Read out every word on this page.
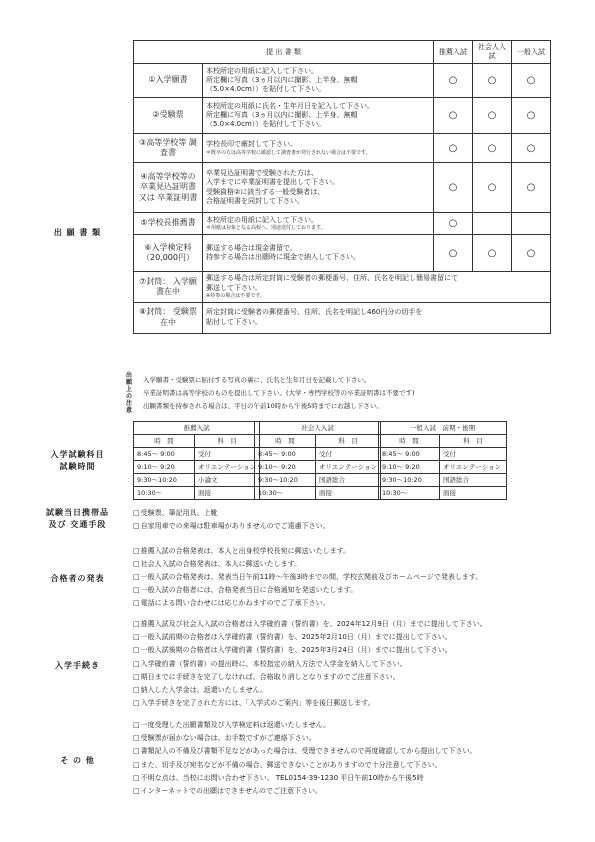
出 願 書 類
入学試験科目
試験時間
試験当日携帯品
及び 交通手段
合格者の発表
入学手続き
そ の 他
提 出 書 類		推薦入試	社会人入試	一般入試
①入学願書	本校所定の用紙に記入して下さい。
所定欄に写真（3ヵ月以内に撮影、上半身、無帽
（5.0×4.0cm））を貼付して下さい。	○	○	○
②受験票	本校所定の用紙に氏名・生年月日を記入して下さい。
所定欄に写真（3ヵ月以内に撮影、上半身、無帽
（5.0×4.0cm））を貼付して下さい。	○	○	○
③高等学校等 調査書	学校長印で厳封して下さい。
＊既卒の方は高等学校に確認して調査書が発行されない場合は不要です。	○	○	○
④高等学校等の 卒業見込証明書 又は 卒業証明書	卒業見込証明書で受験された方は、
入学までに卒業証明書を提出して下さい。
受験資格②に該当する一般受験者は、
合格証明書を同封して下さい。	○	○	○
⑤学校長推薦書	本校所定の用紙に記入して下さい。
＊用紙は対象となる高校へ、別途送付しております。	○		
⑥入学検定料 （20,000円）	郵送する場合は現金書留で、
持参する場合は出願時に現金で納入して下さい。	○	○	○
⑦封筒： 入学願書在中	郵送する場合は所定封筒に受験者の郵便番号、住所、氏名を明記し簡易書留にて
郵送して下さい。
※持参の場合は不要です。			

⑧封筒： 受験票在中	所定封筒に受験者の郵便番号、住所、氏名を明記し460円分の切手を
貼付して下さい。			
出願上の注意
入学願書・受験票に貼付する写真の裏に、氏名と生年月日を記載して下さい。
卒業証明書は高等学校のものを提出して下さい。(大学・専門学校等の卒業証明書は不要です)
出願書類を持参される場合は、平日の午前10時から午後5時までにお越し下さい。
推薦入試	
時　間	科　目
8:45～ 9:00	受付
9:10～ 9:20	オリエンテーション
9:30～10:20	小論文
10:30～	面接
社会人入試	
時　間	科　目
8:45～ 9:00	受付
9:10～ 9:20	オリエンテーション
9:30～10:20	国語総合
10:30～	面接
一般入試　前期・後期	
時　間	科　目
8:45～ 9:00	受付
9:10～ 9:20	オリエンテーション
9:30～10:20	国語総合
10:30～	面接
□ 受験票、筆記用具、上靴
□ 自家用車での来場は駐車場がありませんのでご遠慮下さい。
□ 推薦入試の合格発表は、本人と出身校学校長宛に郵送いたします。
□ 社会人入試の合格発表は、本人に郵送いたします。
□ 一般入試の合格発表は、発表当日午前11時～午後3時までの間、学校玄関前及びホームページで発表します。
□ 一般入試の合格者には、合格発表当日に合格通知を発送いたします。
□ 電話による問い合わせには応じかねますのでご了承下さい。
□ 推薦入試及び社会人入試の合格者は入学確約書（誓約書）を、2024年12月9日（月）までに提出して下さい。
□ 一般入試前期の合格者は入学確約書（誓約書）を、2025年2月10日（月）までに提出して下さい。
□ 一般入試後期の合格者は入学確約書（誓約書）を、2025年3月24日（月）までに提出して下さい。
□ 入学確約書（誓約書）の提出時に、本校指定の納入方法で入学金を納入して下さい。
□ 期日までに手続きを完了しなければ、合格取り消しとなりますのでご注意下さい。
□ 納入した入学金は、返還いたしません。
□ 入学手続きを完了された方には、「入学式のご案内」等を後日郵送します。
□ 一度受理した出願書類及び入学検定料は返還いたしません。
□ 受験票が届かない場合は、お手数ですがご連絡下さい。
□ 書類記入の不備及び書類不足などがあった場合は、受理できませんので再度確認してから提出して下さい。
□ また、切手及び宛名などが不備の場合、郵送できないことがありますので十分注意して下さい。
□ 不明な点は、当校にお問い合わせ下さい。 TEL0154-39-1230 平日午前10時から午後5時
□ インターネットでの出願はできませんのでご注意下さい。
